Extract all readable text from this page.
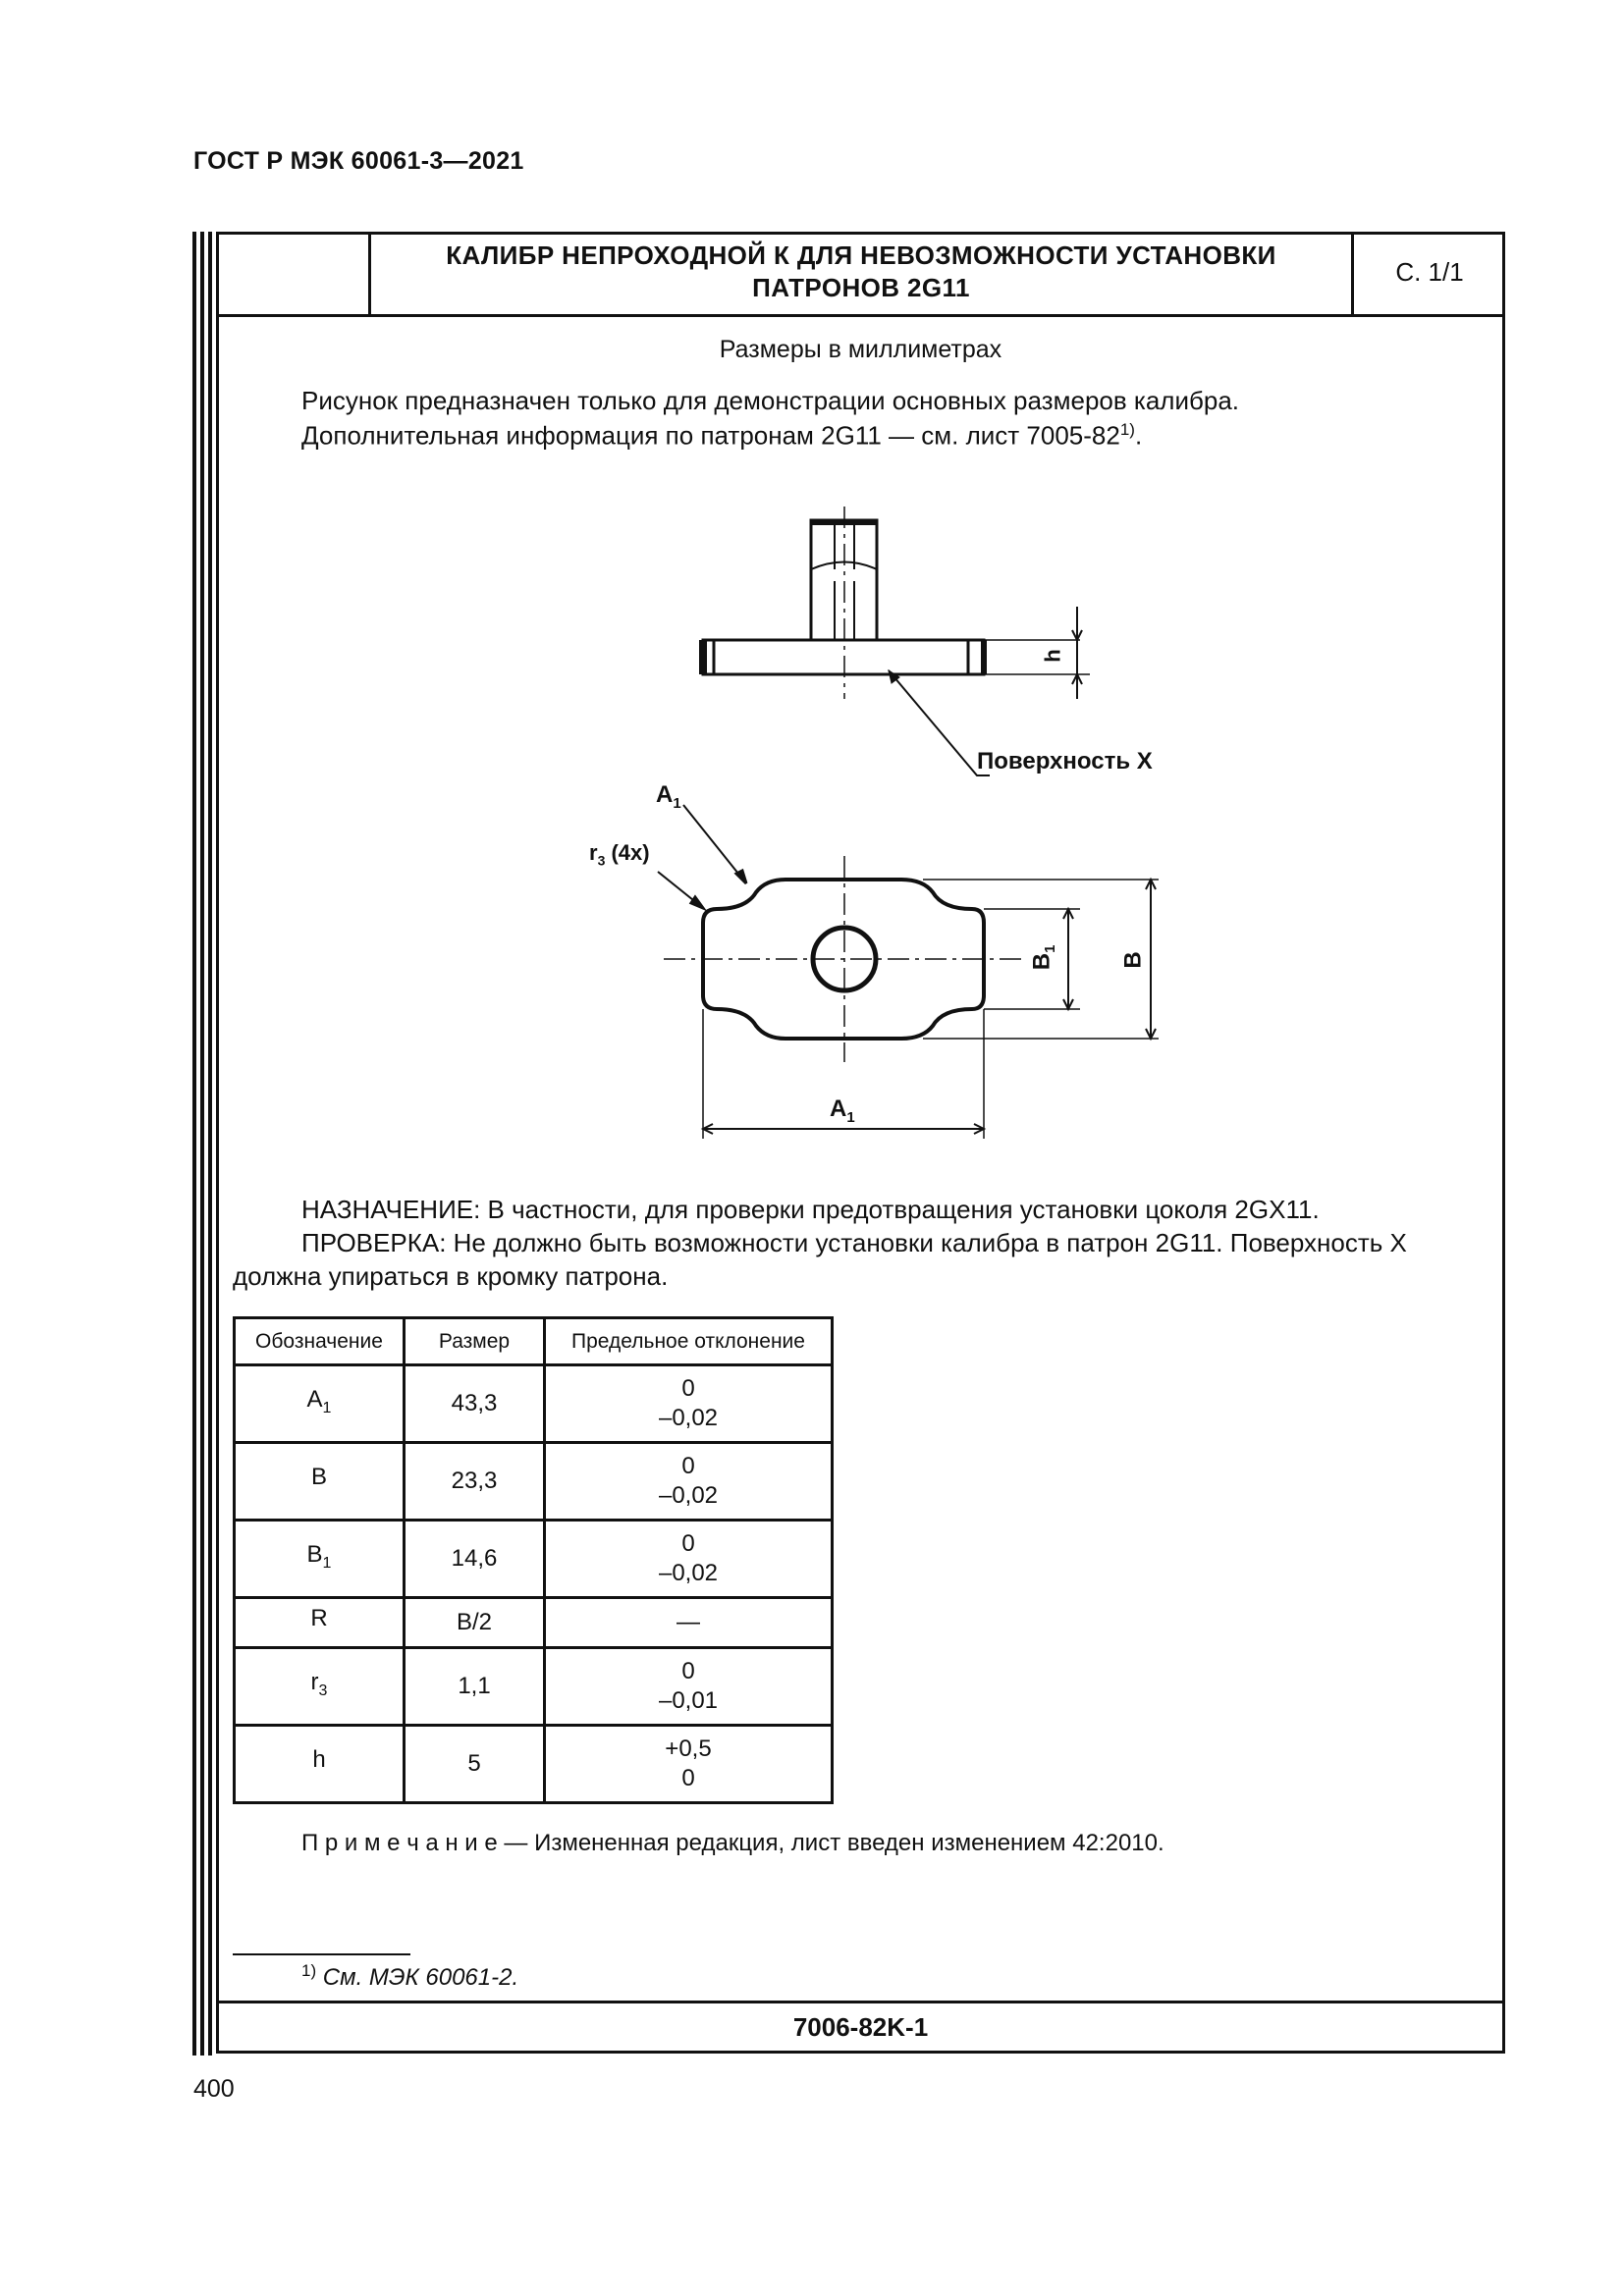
ГОСТ Р МЭК 60061-3—2021
КАЛИБР НЕПРОХОДНОЙ К ДЛЯ НЕВОЗМОЖНОСТИ УСТАНОВКИ
ПАТРОНОВ 2G11
С. 1/1
Размеры в миллиметрах
Рисунок предназначен только для демонстрации основных размеров калибра.
Дополнительная информация по патронам 2G11 — см. лист 7005-82$^{1)}$.
h
Поверхность X
$A_1$
$r_3$ (4x)
$B_1$
B
$A_1$
НАЗНАЧЕНИЕ: В частности, для проверки предотвращения установки цоколя 2GX11.
ПРОВЕРКА: Не должно быть возможности установки калибра в патрон 2G11. Поверхность X
должна упираться в кромку патрона.
Обозначение	Размер	Предельное отклонение
$A_1$	43,3	0
–0,02

B	23,3	0
–0,02

$B_1$	14,6	0
–0,02

R	B/2	—

$r_3$	1,1	0
–0,01

h	5	+0,5
0
П р и м е ч а н и е — Измененная редакция, лист введен изменением 42:2010.
$^{1)}$ См. МЭК 60061-2.
7006-82K-1
400
